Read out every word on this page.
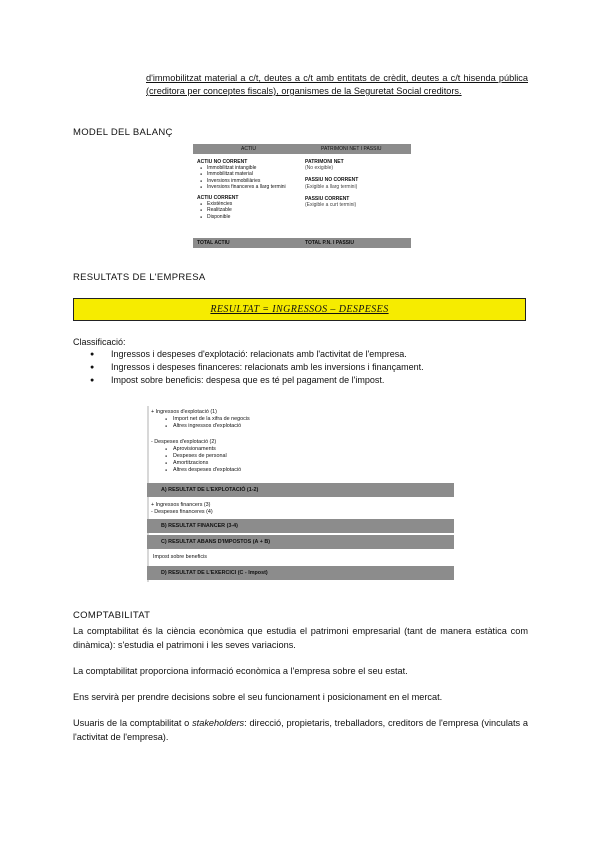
d'immobilitzat material a c/t, deutes a c/t amb entitats de crèdit, deutes a c/t hisenda pública (creditora per conceptes fiscals), organismes de la Seguretat Social creditors.
MODEL DEL BALANÇ
ACTIU	PATRIMONI NET I PASSIU
ACTIU NO CORRENT
● Immobilitzat intangible
● Immobilitzat material
● Inversions immobiliàries
● Inversions financeres a llarg termini
ACTIU CORRENT
● Existències
● Realitzable
● Disponible
PATRIMONI NET
(No exigible)
PASSIU NO CORRENT
(Exigible a llarg termini)
PASSIU CORRENT
(Exigible a curt termini)
TOTAL ACTIU	TOTAL P.N. I PASSIU
RESULTATS DE L'EMPRESA
RESULTAT = INGRESSOS – DESPESES
Classificació:
● Ingressos i despeses d'explotació: relacionats amb l'activitat de l'empresa.
● Ingressos i despeses financeres: relacionats amb les inversions i finançament.
● Impost sobre beneficis: despesa que es té pel pagament de l'impost.
+ Ingressos d'explotació (1)
● Import net de la xifra de negocis
● Altres ingressos d'explotació
- Despeses d'explotació (2)
● Aprovisionaments
● Despeses de personal
● Amortitzacions
● Altres despeses d'explotació
A) RESULTAT DE L'EXPLOTACIÓ (1-2)
+ Ingressos financers (3)
- Despeses financeres (4)
B) RESULTAT FINANCER (3-4)
C) RESULTAT ABANS D'IMPOSTOS (A + B)
Impost sobre beneficis
D) RESULTAT DE L'EXERCICI (C - Impost)
COMPTABILITAT
La comptabilitat és la ciència econòmica que estudia el patrimoni empresarial (tant de manera estàtica com dinàmica): s'estudia el patrimoni i les seves variacions.
La comptabilitat proporciona informació econòmica a l'empresa sobre el seu estat.
Ens servirà per prendre decisions sobre el seu funcionament i posicionament en el mercat.
Usuaris de la comptabilitat o stakeholders: direcció, propietaris, treballadors, creditors de l'empresa (vinculats a l'activitat de l'empresa).
